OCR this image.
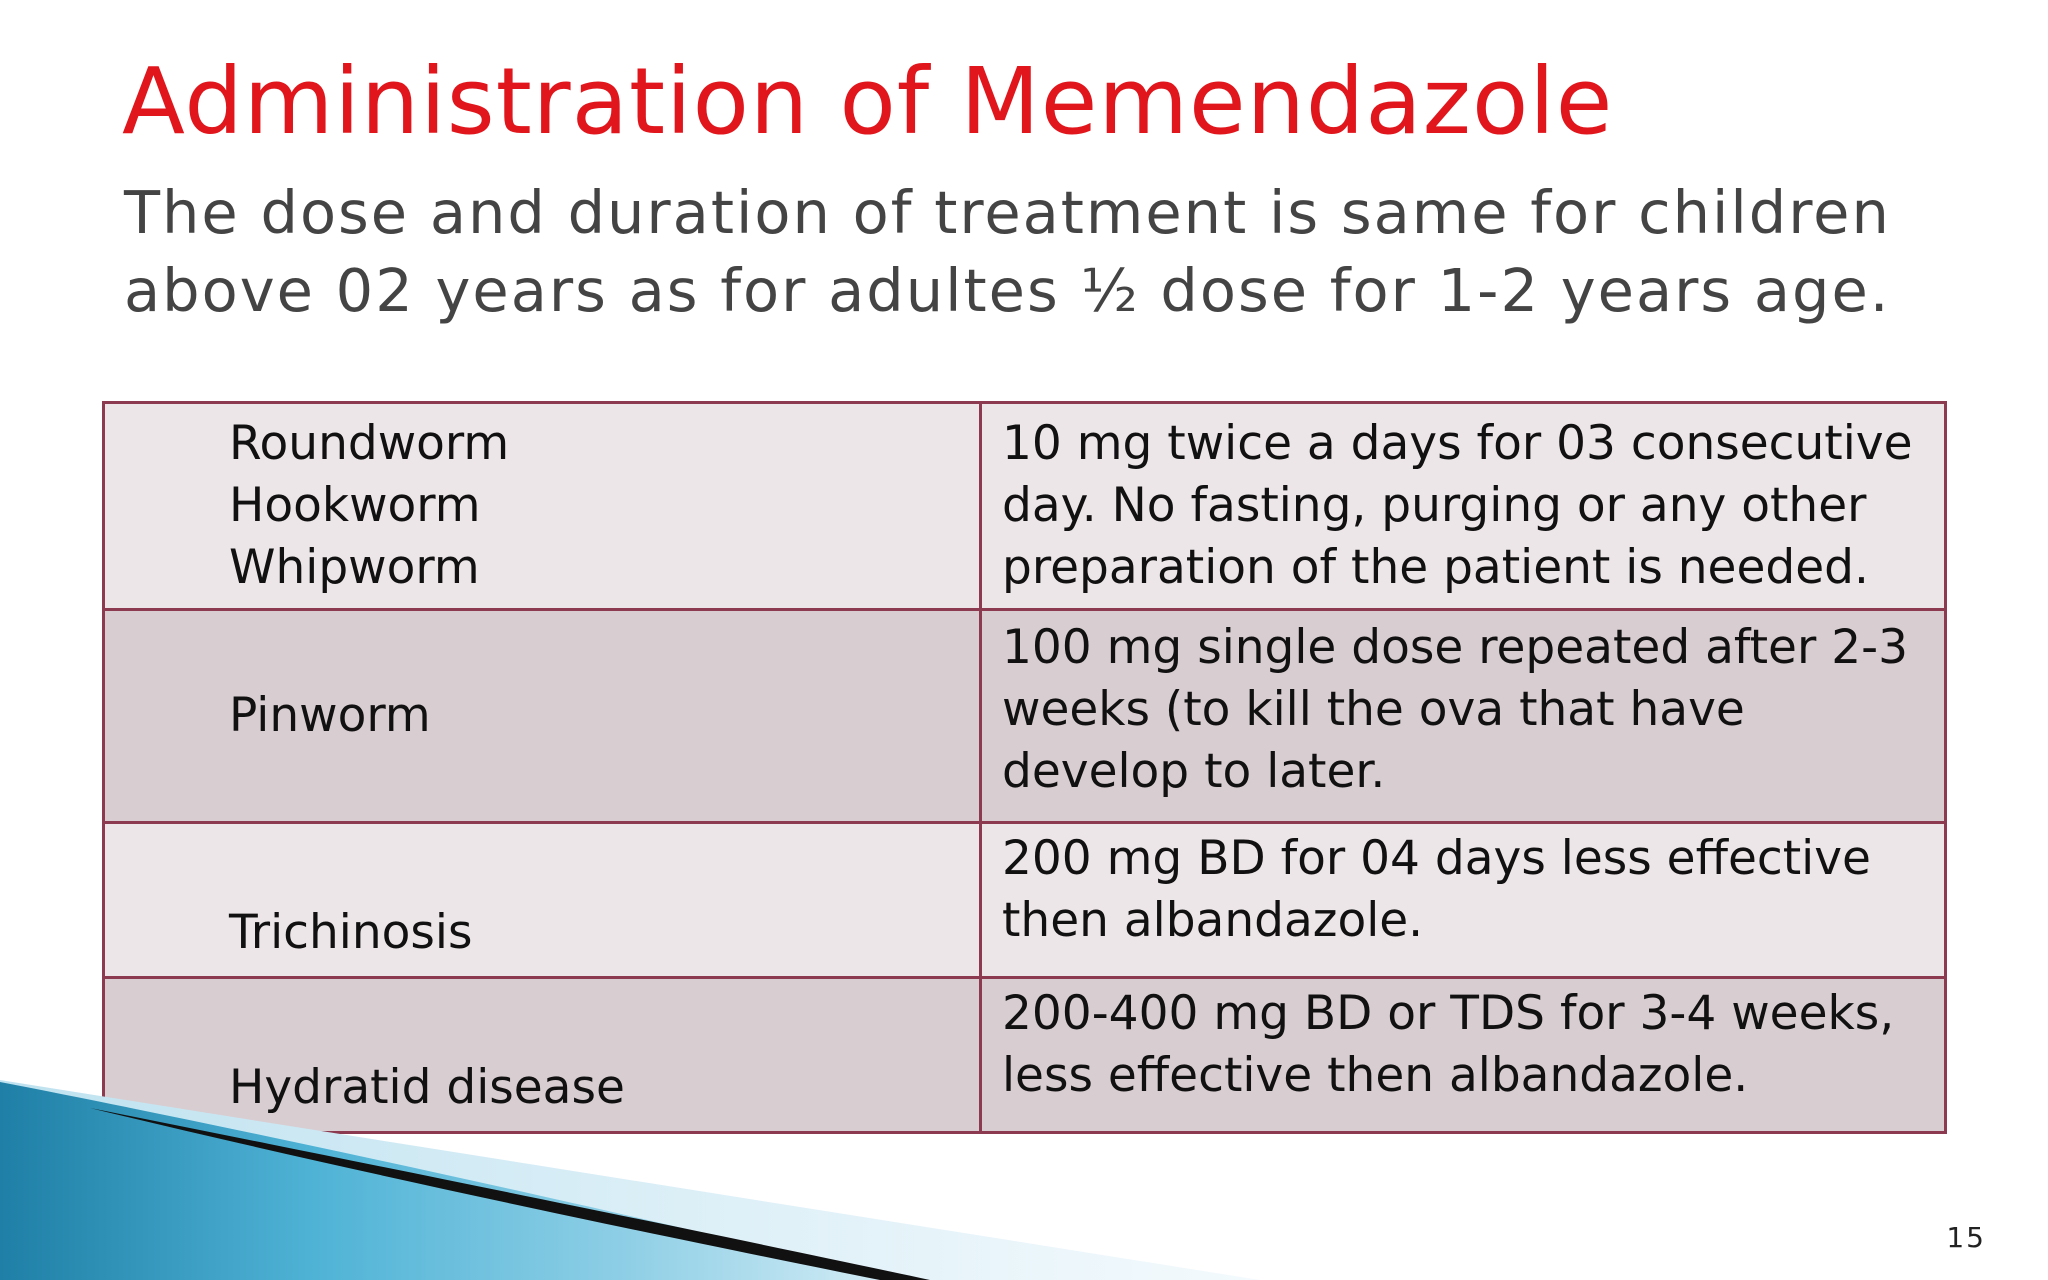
Administration of Memendazole

The dose and duration of treatment is same for children above 02 years as for adultes ½ dose for 1-2 years age.

Roundworm
Hookworm
Whipworm	10 mg twice a days for 03 consecutive day. No fasting, purging or any other preparation of the patient is needed.

Pinworm	100 mg single dose repeated after 2-3 weeks (to kill the ova that have develop to later.

Trichinosis	200 mg BD for 04 days less effective then albandazole.

Hydratid disease	200-400 mg BD or TDS for 3-4 weeks, less effective then albandazole.
15
